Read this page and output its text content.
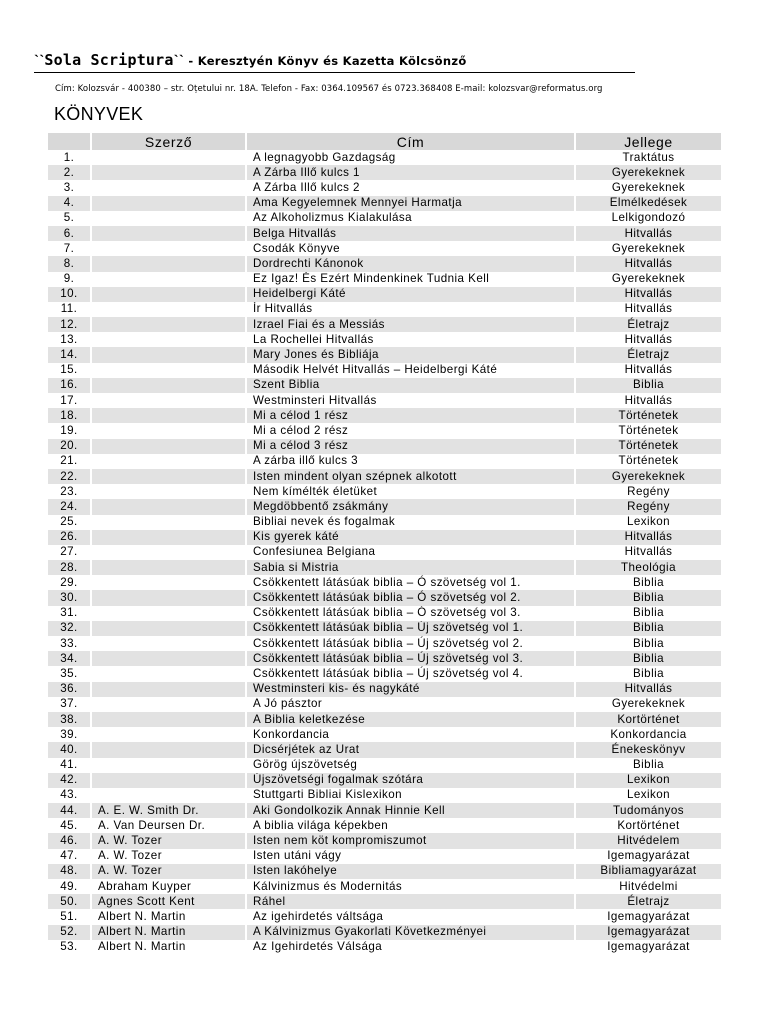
ˋˋSola Scripturaˋˋ - Keresztyén Könyv és Kazetta Kölcsönző
Cím: Kolozsvár - 400380 – str. Oțetului nr. 18A. Telefon - Fax: 0364.109567 és 0723.368408 E-mail: kolozsvar@reformatus.org
KÖNYVEK
	Szerző	Cím	Jellege
1.		A legnagyobb Gazdagság	Traktátus
2.		A Zárba Illő kulcs 1	Gyerekeknek
3.		A Zárba Illő kulcs 2	Gyerekeknek
4.		Ama Kegyelemnek Mennyei Harmatja	Elmélkedések
5.		Az Alkoholizmus Kialakulása	Lelkigondozó
6.		Belga Hitvallás	Hitvallás
7.		Csodák Könyve	Gyerekeknek
8.		Dordrechti Kánonok	Hitvallás
9.		Ez Igaz! És Ezért Mindenkinek Tudnia Kell	Gyerekeknek
10.		Heidelbergi Káté	Hitvallás
11.		Ír Hitvallás	Hitvallás
12.		Izrael Fiai és a Messiás	Életrajz
13.		La Rochellei Hitvallás	Hitvallás
14.		Mary Jones és Bibliája	Életrajz
15.		Második Helvét Hitvallás – Heidelbergi Káté	Hitvallás
16.		Szent Biblia	Biblia
17.		Westminsteri Hitvallás	Hitvallás
18.		Mi a célod 1 rész	Történetek
19.		Mi a célod 2 rész	Történetek
20.		Mi a célod 3 rész	Történetek
21.		A zárba illő kulcs 3	Történetek
22.		Isten mindent olyan szépnek alkotott	Gyerekeknek
23.		Nem kímélték életüket	Regény
24.		Megdöbbentő zsákmány	Regény
25.		Bibliai nevek és fogalmak	Lexikon
26.		Kis gyerek káté	Hitvallás
27.		Confesiunea Belgiana	Hitvallás
28.		Sabia si Mistria	Theológia
29.		Csökkentett látásúak biblia – Ó szövetség vol 1.	Biblia
30.		Csökkentett látásúak biblia – Ó szövetség vol 2.	Biblia
31.		Csökkentett látásúak biblia – Ó szövetség vol 3.	Biblia
32.		Csökkentett látásúak biblia – Új szövetség vol 1.	Biblia
33.		Csökkentett látásúak biblia – Új szövetség vol 2.	Biblia
34.		Csökkentett látásúak biblia – Új szövetség vol 3.	Biblia
35.		Csökkentett látásúak biblia – Új szövetség vol 4.	Biblia
36.		Westminsteri kis- és nagykáté	Hitvallás
37.		A Jó pásztor	Gyerekeknek
38.		A Biblia keletkezése	Kortörténet
39.		Konkordancia	Konkordancia
40.		Dicsérjétek az Urat	Énekeskönyv
41.		Görög újszövetség	Biblia
42.		Újszövetségi fogalmak szótára	Lexikon
43.		Stuttgarti Bibliai Kislexikon	Lexikon
44.	A. E. W. Smith Dr.	Aki Gondolkozik Annak Hinnie Kell	Tudományos
45.	A. Van Deursen Dr.	A biblia világa képekben	Kortörténet
46.	A. W. Tozer	Isten nem köt kompromiszumot	Hitvédelem
47.	A. W. Tozer	Isten utáni vágy	Igemagyarázat
48.	A. W. Tozer	Isten lakóhelye	Bibliamagyarázat
49.	Abraham Kuyper	Kálvinizmus és Modernitás	Hitvédelmi
50.	Agnes Scott Kent	Ráhel	Életrajz
51.	Albert N. Martin	Az igehirdetés váltsága	Igemagyarázat
52.	Albert N. Martin	A Kálvinizmus Gyakorlati Következményei	Igemagyarázat
53.	Albert N. Martin	Az Igehirdetés Válsága	Igemagyarázat
